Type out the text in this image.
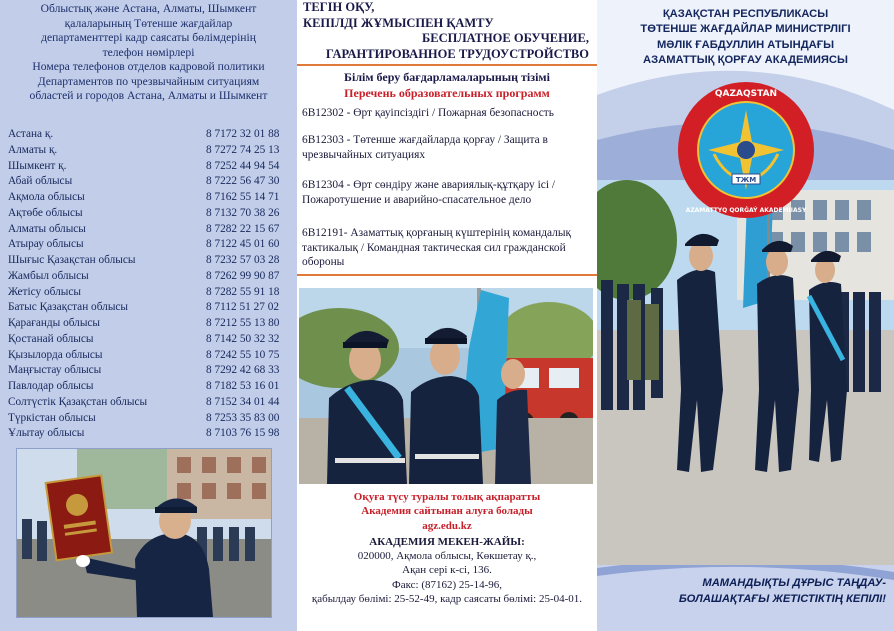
Облыстық және Астана, Алматы, Шымкент
қалаларының Төтенше жағдайлар
департаменттері кадр саясаты бөлімдерінің
телефон нөмірлері
Номера телефонов отделов кадровой политики
Департаментов по чрезвычайным ситуациям
областей и городов Астана, Алматы и Шымкент
Астана қ.	8 7172 32 01 88
Алматы қ.	8 7272 74 25 13
Шымкент қ.	8 7252 44 94 54
Абай облысы	8 7222 56 47 30
Ақмола облысы	8 7162 55 14 71
Ақтөбе облысы	8 7132 70 38 26
Алматы облысы	8 7282 22 15 67
Атырау облысы	8 7122 45 01 60
Шығыс Қазақстан облысы	8 7232 57 03 28
Жамбыл облысы	8 7262 99 90 87
Жетісу облысы	8 7282 55 91 18
Батыс Қазақстан облысы	8 7112 51 27 02
Қарағанды облысы	8 7212 55 13 80
Қостанай облысы	8 7142 50 32 32
Қызылорда облысы	8 7242 55 10 75
Маңғыстау облысы	8 7292 42 68 33
Павлодар облысы	8 7182 53 16 01
Солтүстік Қазақстан облысы	8 7152 34 01 44
Түркістан облысы	8 7253 35 83 00
Ұлытау облысы	8 7103 76 15 98
ТЕГІН ОҚУ,
КЕПІЛДІ ЖҰМЫСПЕН ҚАМТУ
БЕСПЛАТНОЕ ОБУЧЕНИЕ,
ГАРАНТИРОВАННОЕ ТРУДОУСТРОЙСТВО
Білім беру бағдарламаларының тізімі
Перечень образовательных программ
6В12302 - Өрт қауіпсіздігі / Пожарная безопасность
6В12303 - Төтенше жағдайларда қорғау / Защита в чрезвычайных ситуациях
6В12304 - Өрт сөндіру және авариялық-құтқару ісі / Пожаротушение и аварийно-спасательное дело
6В12191- Азаматтық қорғаның күштерінің командалық тактикалық / Командная тактическая сил гражданской обороны
Оқуға түсу туралы толық ақпаратты
Академия сайтынан алуға болады
agz.edu.kz
АКАДЕМИЯ МЕКЕН-ЖАЙЫ:
020000, Ақмола облысы, Көкшетау қ.,
Ақан серi к-сi, 136.
Факс: (87162) 25-14-96,
қабылдау бөлімі: 25-52-49, кадр саясаты бөлімі: 25-04-01.
ҚАЗАҚСТАН РЕСПУБЛИКАСЫ
ТӨТЕНШЕ ЖАҒДАЙЛАР МИНИСТРЛІГІ
МӘЛІК ҒАБДУЛЛИН АТЫНДАҒЫ
АЗАМАТТЫҚ ҚОРҒАУ АКАДЕМИЯСЫ
ТЖМ
QAZAQSTAN
AZAMATTYQ QORǴAÝ AKADEMIIASY
МАМАНДЫҚТЫ ДҰРЫС ТАҢДАУ-
БОЛАШАҚТАҒЫ ЖЕТІСТІКТІҢ КЕПІЛІ!
